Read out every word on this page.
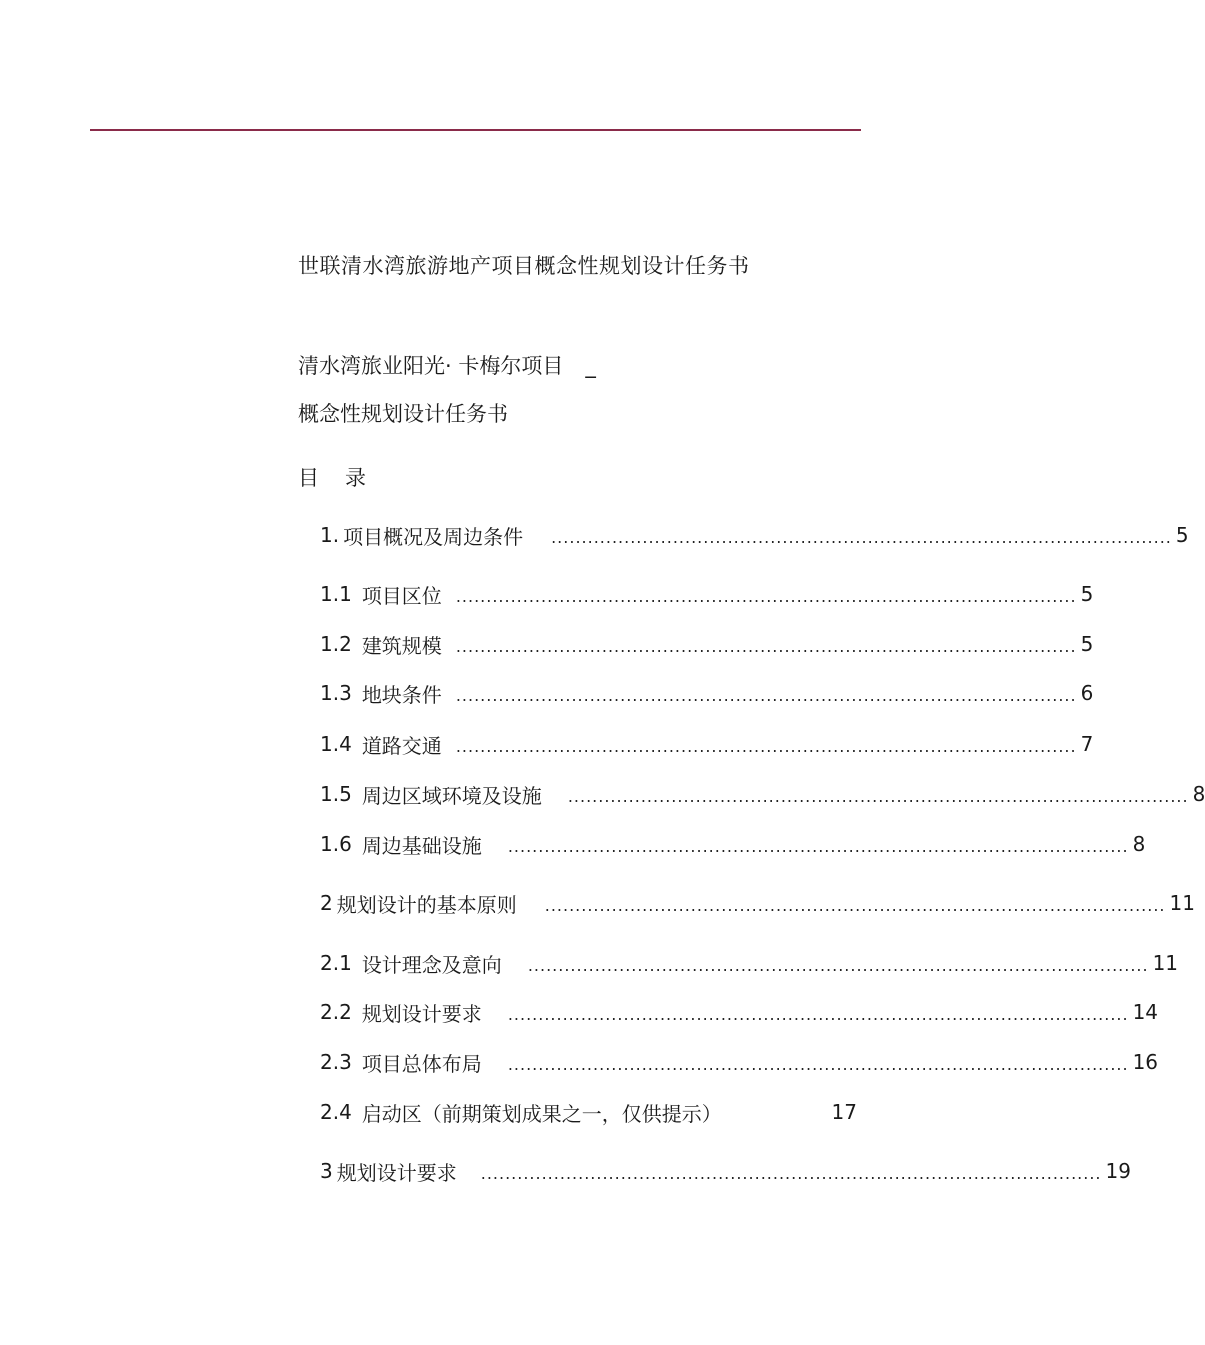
世联清水湾旅游地产项目概念性规划设计任务书
清水湾旅业阳光· 卡梅尔项目 _
概念性规划设计任务书
目 录
1. 项目概况及周边条件 ...................................................................................................... 5
1.1 项目区位 ...................................................................................................... 5
1.2 建筑规模 ...................................................................................................... 5
1.3 地块条件 ...................................................................................................... 6
1.4 道路交通 ...................................................................................................... 7
1.5 周边区域环境及设施 ...................................................................................................... 8
1.6 周边基础设施 ...................................................................................................... 8
2 规划设计的基本原则 ...................................................................................................... 11
2.1 设计理念及意向 ...................................................................................................... 11
2.2 规划设计要求 ...................................................................................................... 14
2.3 项目总体布局 ...................................................................................................... 16
2.4 启动区（前期策划成果之一，仅供提示）	17
3 规划设计要求 ...................................................................................................... 19
